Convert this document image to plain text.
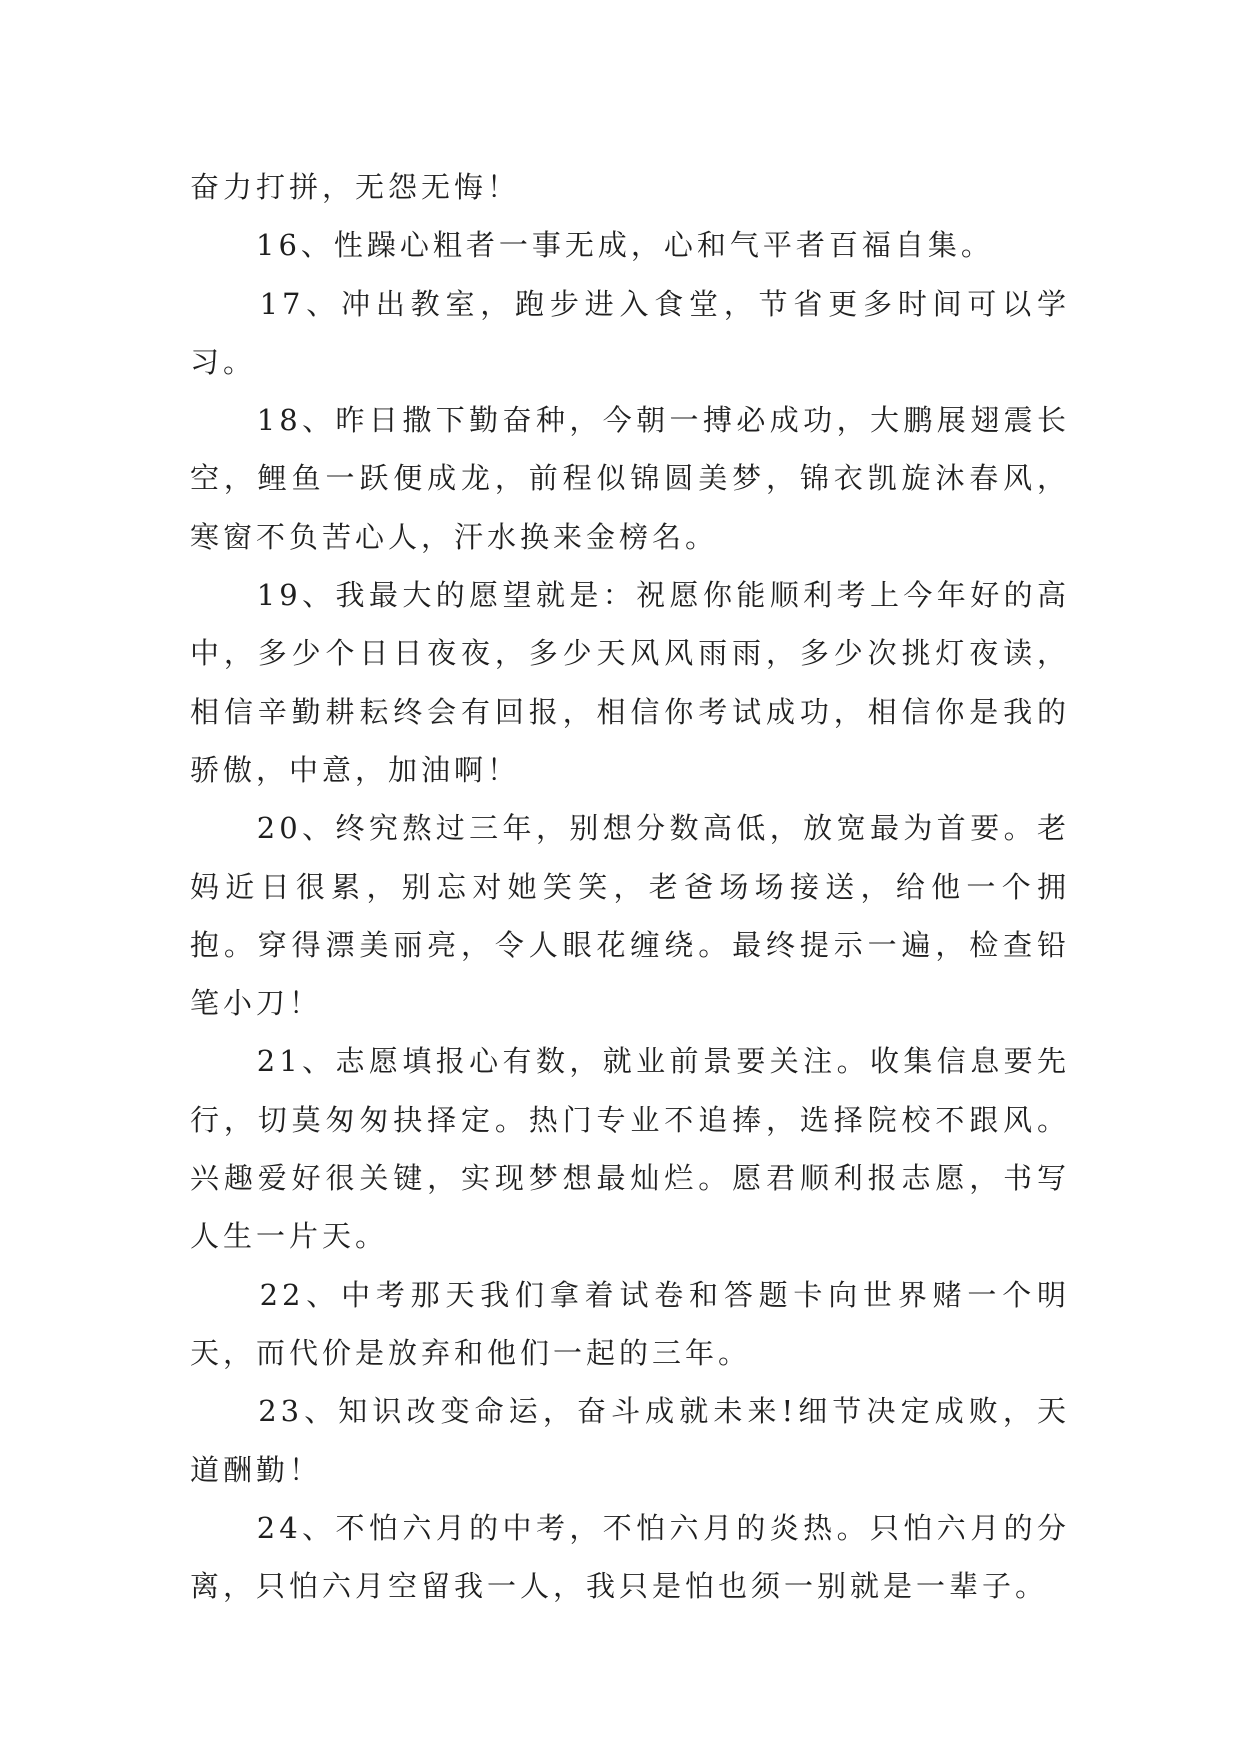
奋力打拼，无怨无悔！

　　16、性躁心粗者一事无成，心和气平者百福自集。

　　17、冲出教室，跑步进入食堂，节省更多时间可以学习。

　　18、昨日撒下勤奋种，今朝一搏必成功，大鹏展翅震长空，鲤鱼一跃便成龙，前程似锦圆美梦，锦衣凯旋沐春风，寒窗不负苦心人，汗水换来金榜名。

　　19、我最大的愿望就是：祝愿你能顺利考上今年好的高中，多少个日日夜夜，多少天风风雨雨，多少次挑灯夜读，相信辛勤耕耘终会有回报，相信你考试成功，相信你是我的骄傲，中意，加油啊！

　　20、终究熬过三年，别想分数高低，放宽最为首要。老妈近日很累，别忘对她笑笑，老爸场场接送，给他一个拥抱。穿得漂美丽亮，令人眼花缠绕。最终提示一遍，检查铅笔小刀！

　　21、志愿填报心有数，就业前景要关注。收集信息要先行，切莫匆匆抉择定。热门专业不追捧，选择院校不跟风。兴趣爱好很关键，实现梦想最灿烂。愿君顺利报志愿，书写人生一片天。

　　22、中考那天我们拿着试卷和答题卡向世界赌一个明天，而代价是放弃和他们一起的三年。

　　23、知识改变命运，奋斗成就未来!细节决定成败，天道酬勤！

　　24、不怕六月的中考，不怕六月的炎热。只怕六月的分离，只怕六月空留我一人，我只是怕也须一别就是一辈子。
